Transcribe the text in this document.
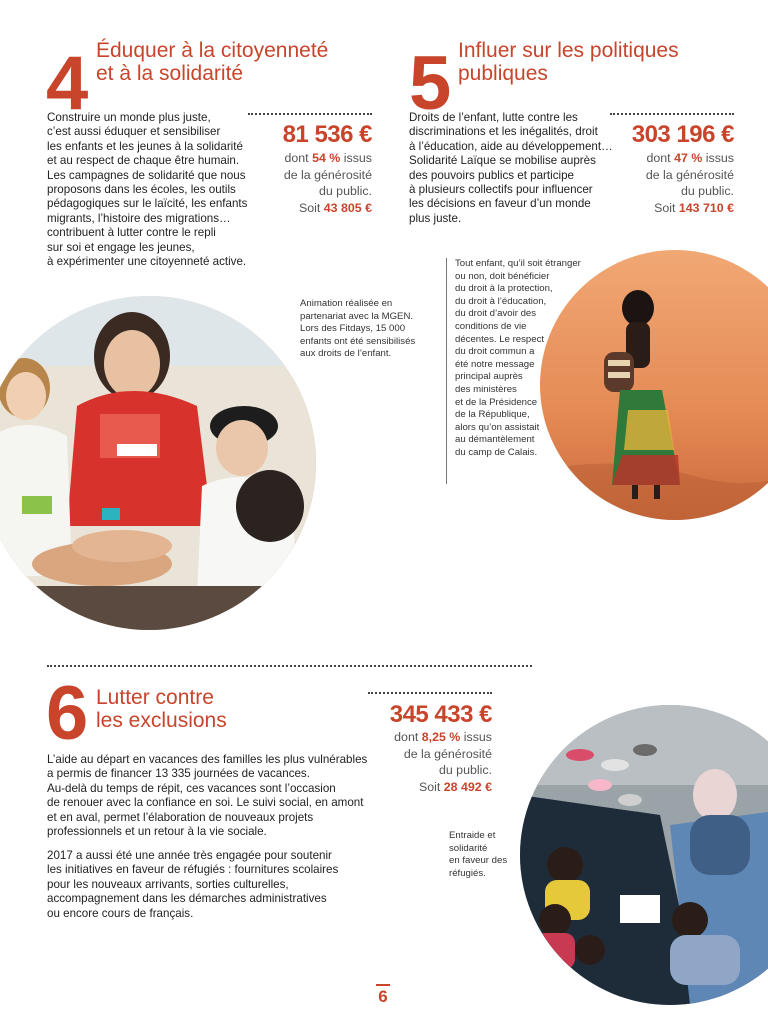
4 Éduquer à la citoyenneté
et à la solidarité
Construire un monde plus juste,
c’est aussi éduquer et sensibiliser
les enfants et les jeunes à la solidarité
et au respect de chaque être humain.
Les campagnes de solidarité que nous
proposons dans les écoles, les outils
pédagogiques sur le laïcité, les enfants
migrants, l’histoire des migrations…
contribuent à lutter contre le repli
sur soi et engage les jeunes,
à expérimenter une citoyenneté active.
81 536 €
dont 54 % issus
de la générosité
du public.
Soit 43 805 €
Animation réalisée en
partenariat avec la MGEN.
Lors des Fitdays, 15 000
enfants ont été sensibilisés
aux droits de l’enfant.
5 Influer sur les politiques
publiques
Droits de l’enfant, lutte contre les
discriminations et les inégalités, droit
à l’éducation, aide au développement…
Solidarité Laïque se mobilise auprès
des pouvoirs publics et participe
à plusieurs collectifs pour influencer
les décisions en faveur d’un monde
plus juste.
303 196 €
dont 47 % issus
de la générosité
du public.
Soit 143 710 €
Tout enfant, qu’il soit étranger
ou non, doit bénéficier
du droit à la protection,
du droit à l’éducation,
du droit d’avoir des
conditions de vie
décentes. Le respect
du droit commun a
été notre message
principal auprès
des ministères
et de la Présidence
de la République,
alors qu’on assistait
au démantèlement
du camp de Calais.
6 Lutter contre
les exclusions	345 433 €
dont 8,25 % issus
de la générosité
du public.
Soit 28 492 €
L’aide au départ en vacances des familles les plus vulnérables
a permis de financer 13 335 journées de vacances.
Au-delà du temps de répit, ces vacances sont l’occasion
de renouer avec la confiance en soi. Le suivi social, en amont
et en aval, permet l’élaboration de nouveaux projets
professionnels et un retour à la vie sociale.
2017 a aussi été une année très engagée pour soutenir
les initiatives en faveur de réfugiés : fournitures scolaires
pour les nouveaux arrivants, sorties culturelles,
accompagnement dans les démarches administratives
ou encore cours de français.
Entraide et
solidarité
en faveur des
réfugiés.
6
